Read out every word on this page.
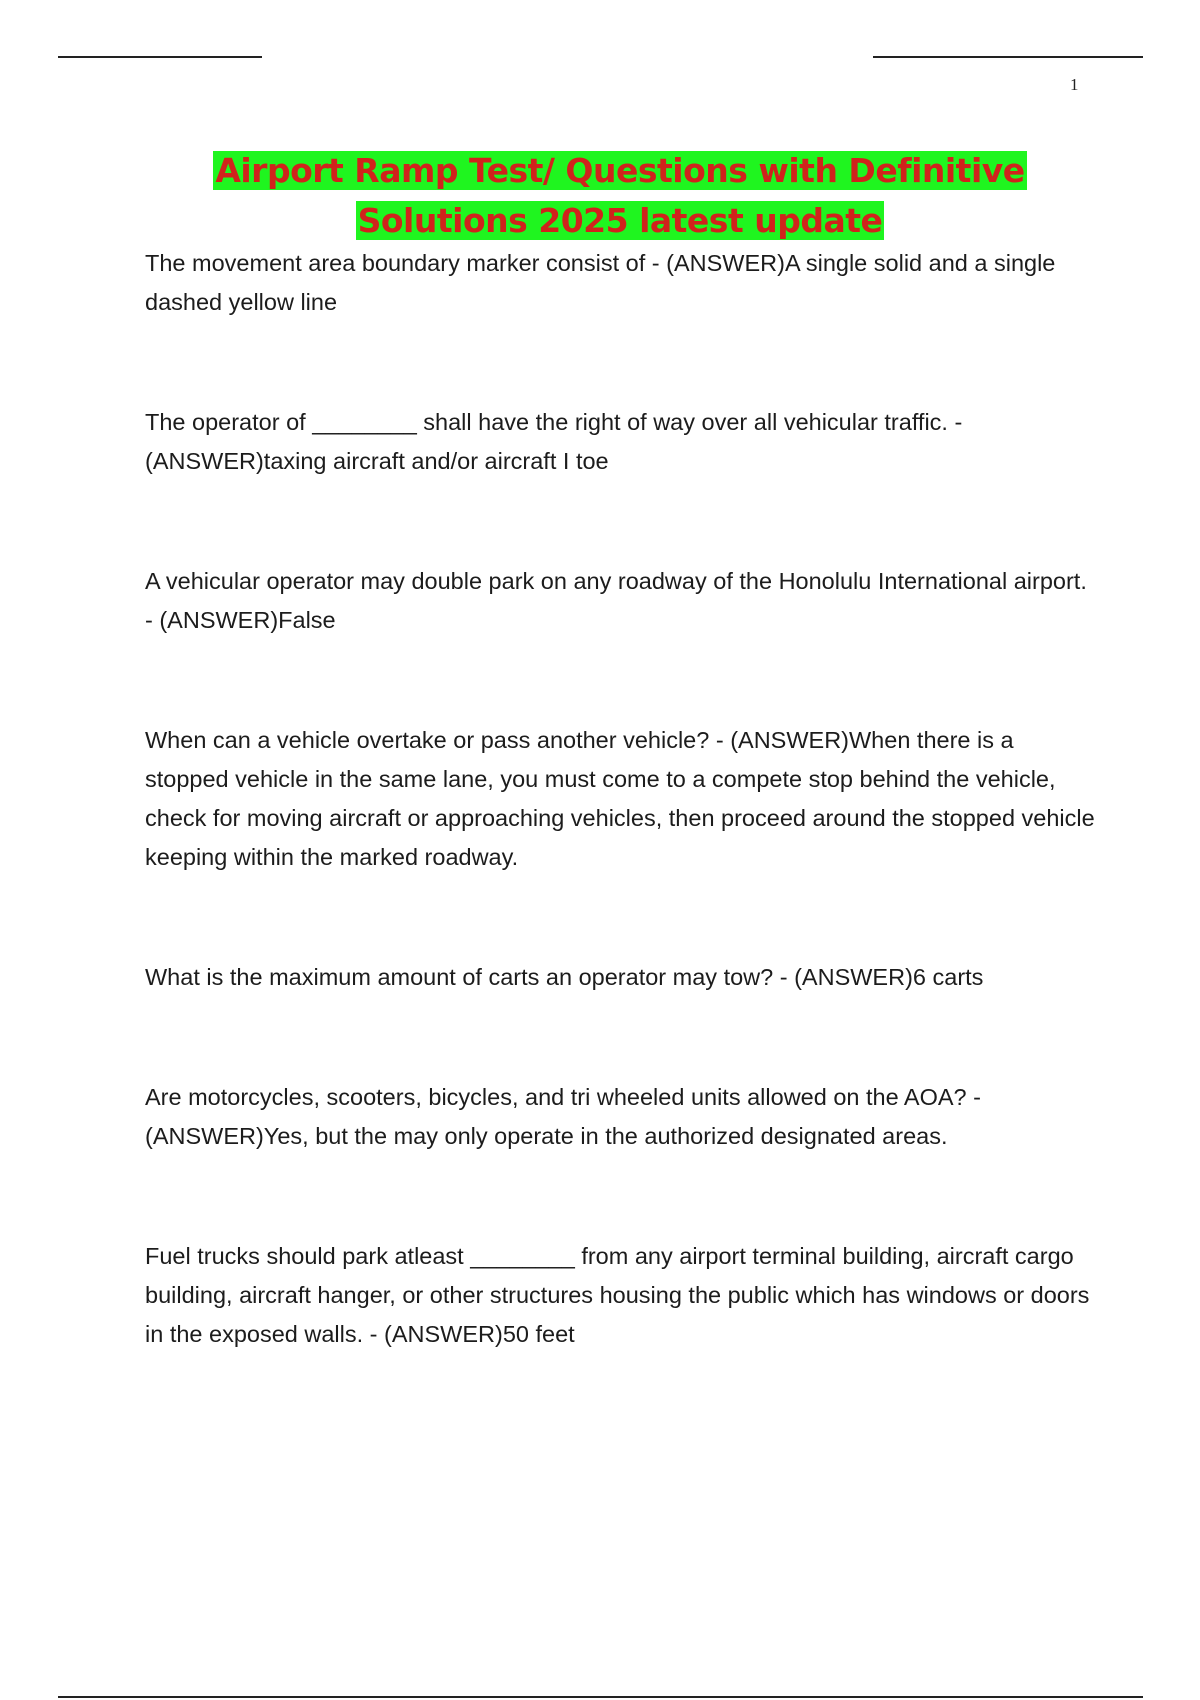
1
Airport Ramp Test/ Questions with Definitive
Solutions 2025 latest update

The movement area boundary marker consist of - (ANSWER)A single solid and a single dashed yellow line

The operator of ________ shall have the right of way over all vehicular traffic. - (ANSWER)taxing aircraft and/or aircraft I toe

A vehicular operator may double park on any roadway of the Honolulu International airport. - (ANSWER)False

When can a vehicle overtake or pass another vehicle? - (ANSWER)When there is a stopped vehicle in the same lane, you must come to a compete stop behind the vehicle, check for moving aircraft or approaching vehicles, then proceed around the stopped vehicle keeping within the marked roadway.

What is the maximum amount of carts an operator may tow? - (ANSWER)6 carts

Are motorcycles, scooters, bicycles, and tri wheeled units allowed on the AOA? - (ANSWER)Yes, but the may only operate in the authorized designated areas.

Fuel trucks should park atleast ________ from any airport terminal building, aircraft cargo building, aircraft hanger, or other structures housing the public which has windows or doors in the exposed walls. - (ANSWER)50 feet
